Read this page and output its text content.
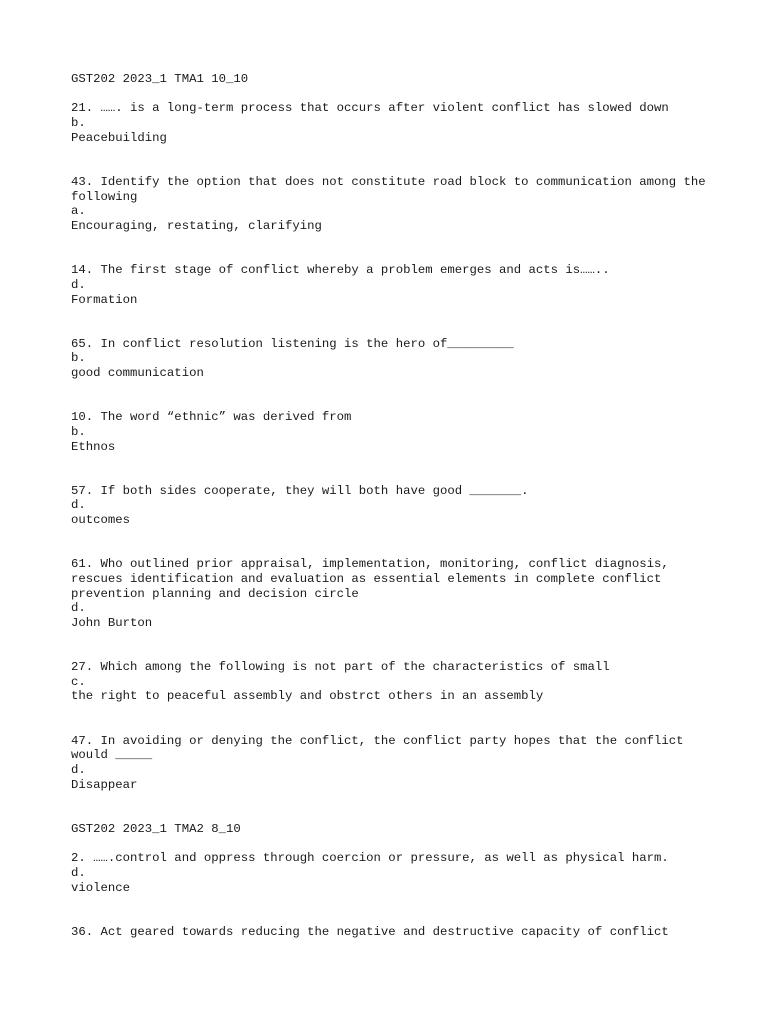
GST202 2023_1 TMA1 10_10
21. ……. is a long-term process that occurs after violent conflict has slowed down
b.
Peacebuilding
43. Identify the option that does not constitute road block to communication among the following
a.
Encouraging, restating, clarifying
14. The first stage of conflict whereby a problem emerges and acts is……..
d.
Formation
65. In conflict resolution listening is the hero of_________
b.
good communication
10. The word “ethnic” was derived from
b.
Ethnos
57. If both sides cooperate, they will both have good _______.
d.
outcomes
61. Who outlined prior appraisal, implementation, monitoring, conflict diagnosis, rescues identification and evaluation as essential elements in complete conflict prevention planning and decision circle
d.
John Burton
27. Which among the following is not part of the characteristics of small
c.
the right to peaceful assembly and obstrct others in an assembly
47. In avoiding or denying the conflict, the conflict party hopes that the conflict would _____
d.
Disappear
GST202 2023_1 TMA2 8_10
2. …….control and oppress through coercion or pressure, as well as physical harm.
d.
violence
36. Act geared towards reducing the negative and destructive capacity of conflict
